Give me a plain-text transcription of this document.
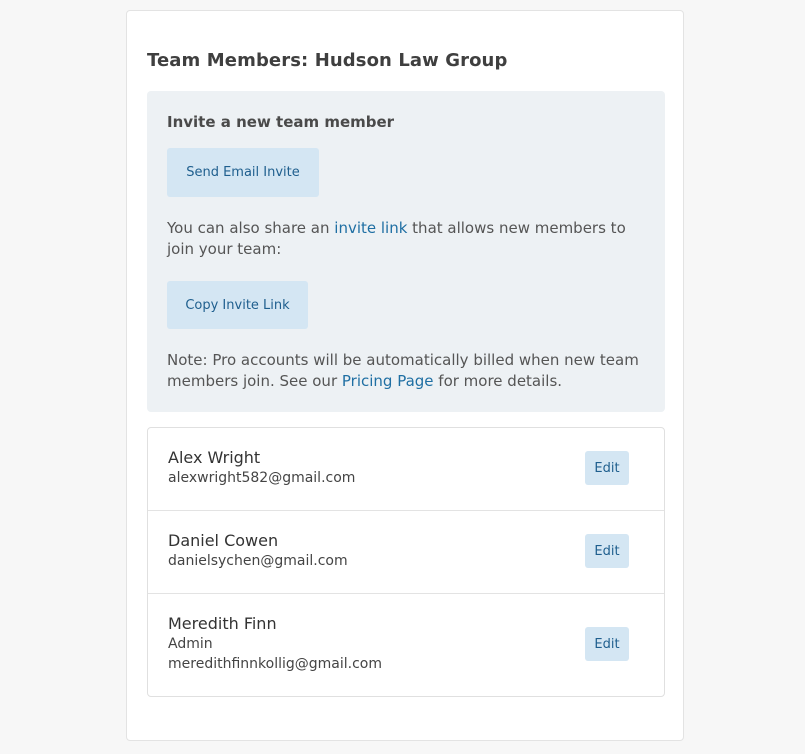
Team Members: Hudson Law Group
Invite a new team member
Send Email Invite
You can also share an invite link that allows new members to join your team:
Copy Invite Link
Note: Pro accounts will be automatically billed when new team members join. See our Pricing Page for more details.
Alex Wright
alexwright582@gmail.com
Edit
Daniel Cowen
danielsychen@gmail.com
Edit
Meredith Finn
Admin
meredithfinnkollig@gmail.com
Edit
